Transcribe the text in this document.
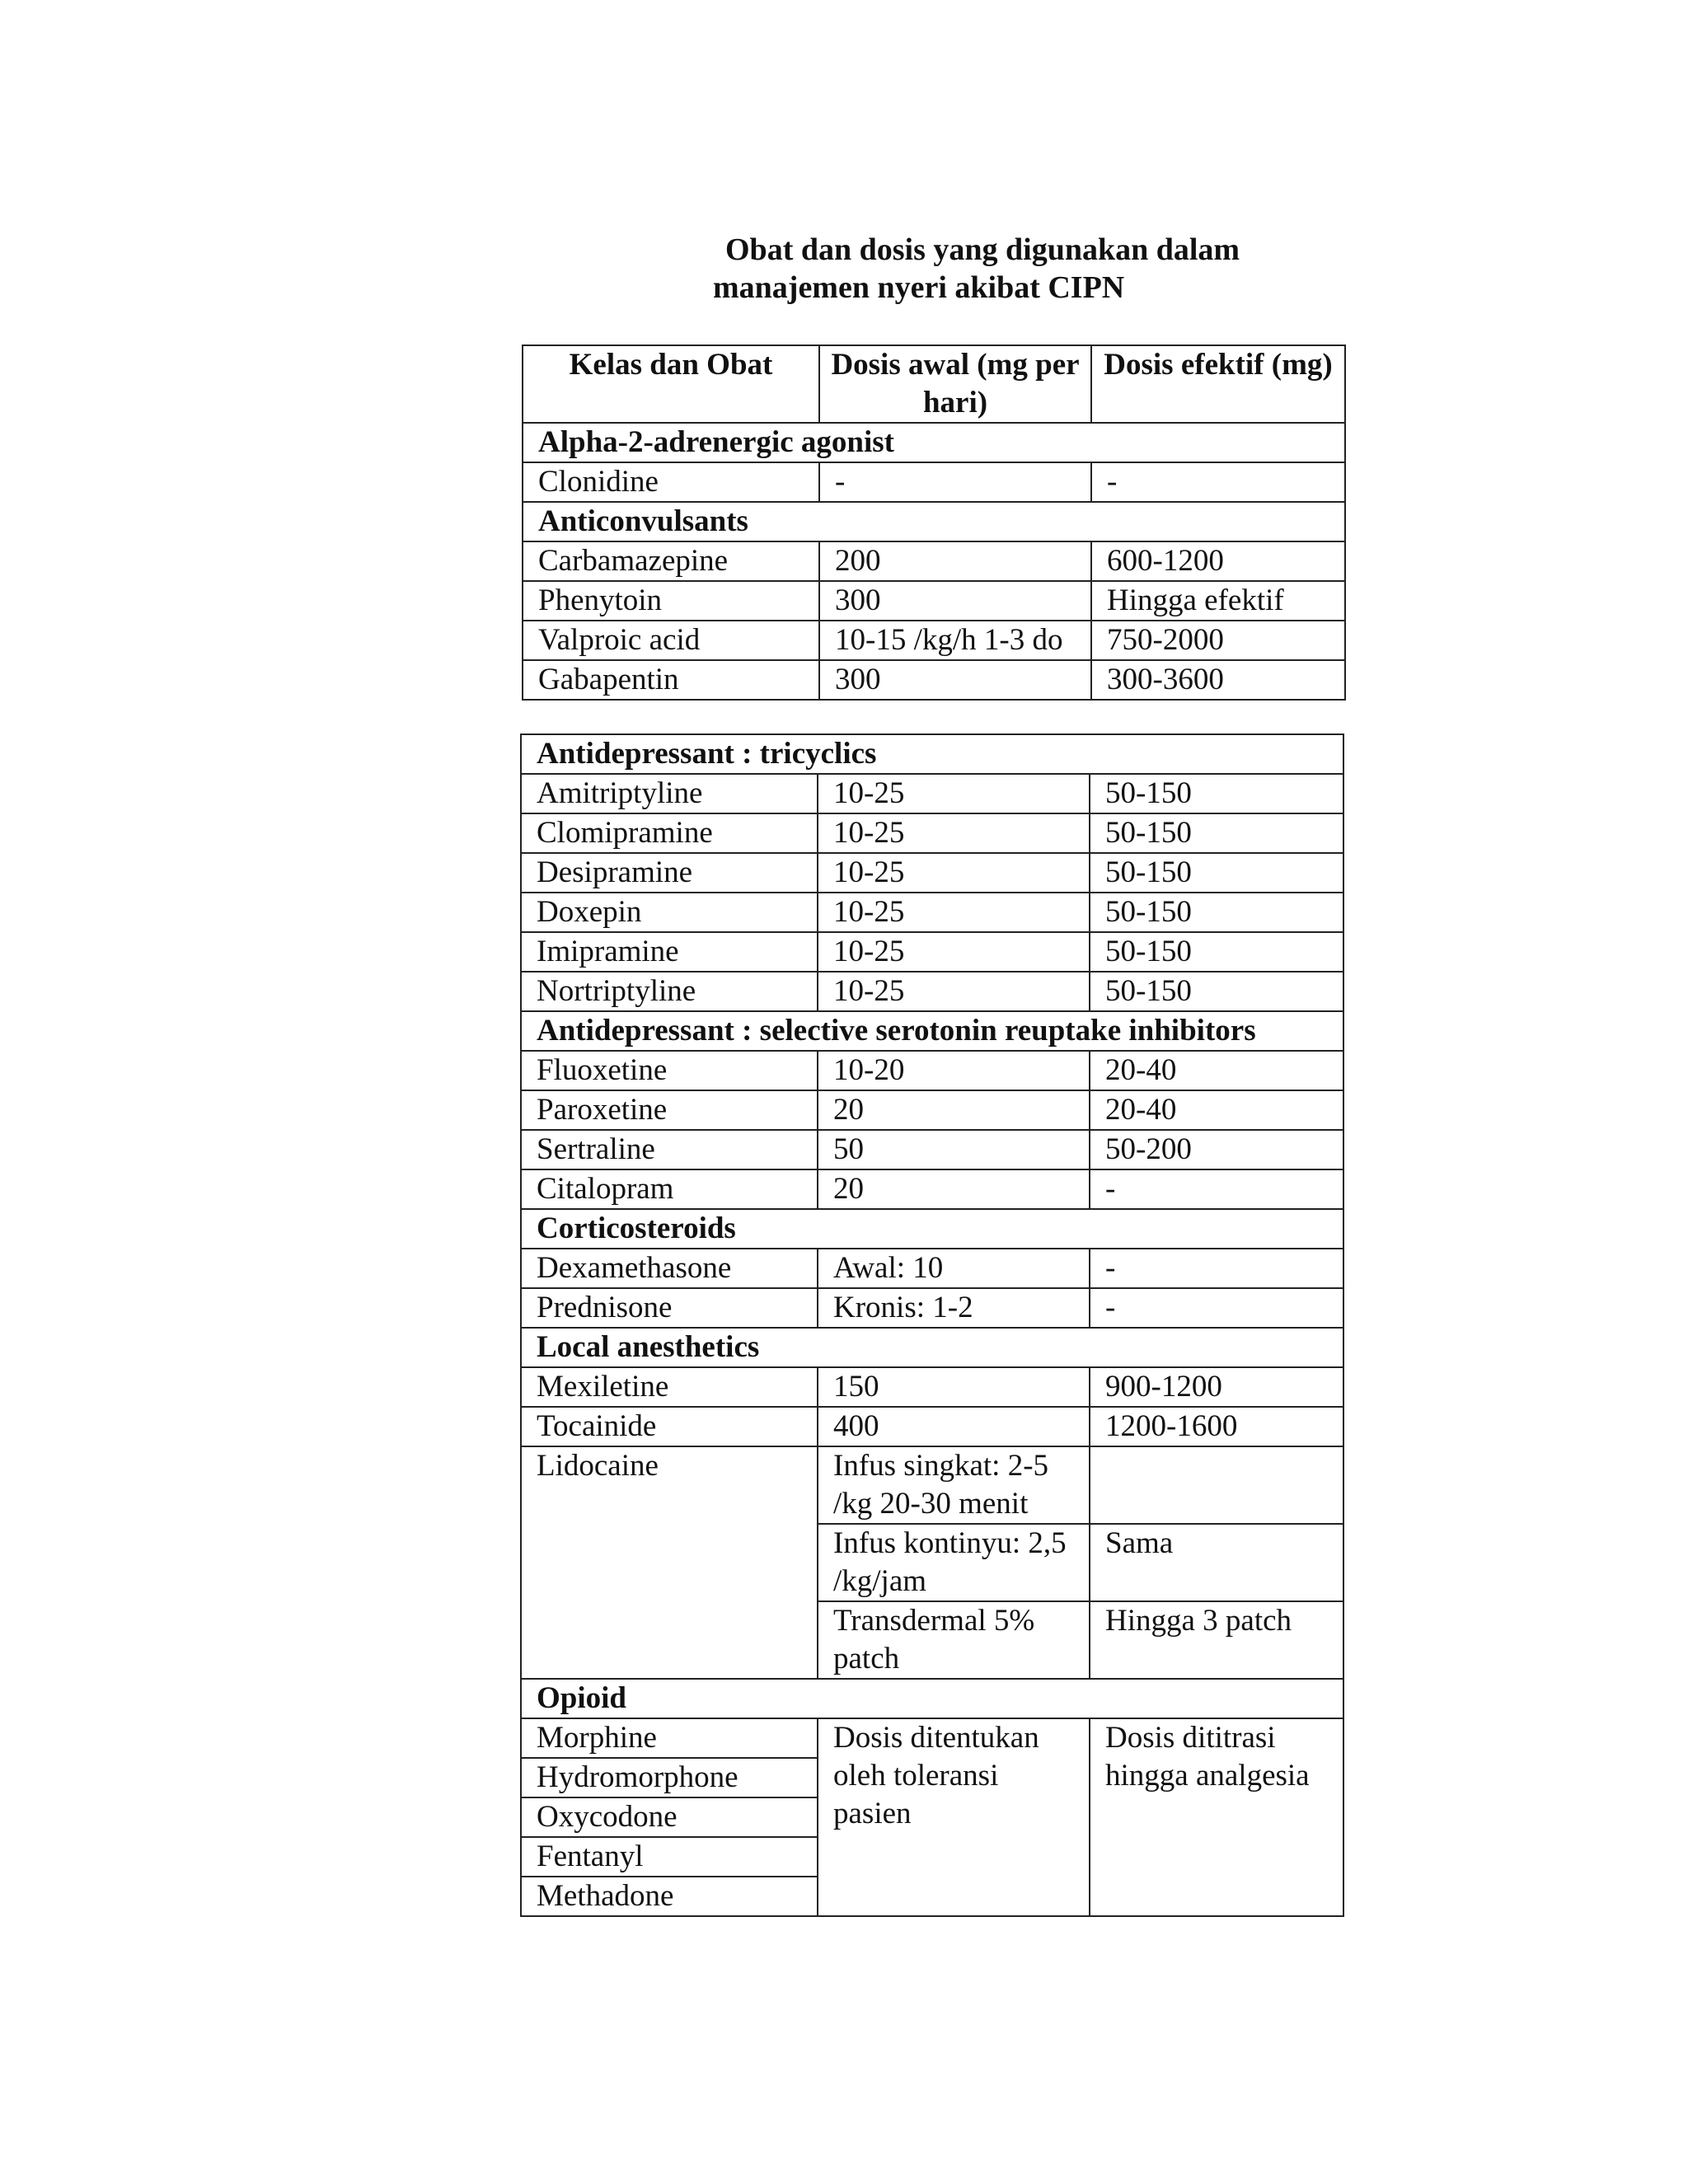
Obat dan dosis yang digunakan dalam
manajemen nyeri akibat CIPN
Kelas dan Obat	Dosis awal (mg per hari)	Dosis efektif (mg)
Alpha-2-adrenergic agonist		
Clonidine	-	-
Anticonvulsants		
Carbamazepine	200	600-1200
Phenytoin	300	Hingga efektif
Valproic acid	10-15 /kg/h 1-3 do	750-2000
Gabapentin	300	300-3600
Antidepressant : tricyclics		
Amitriptyline	10-25	50-150
Clomipramine	10-25	50-150
Desipramine	10-25	50-150
Doxepin	10-25	50-150
Imipramine	10-25	50-150
Nortriptyline	10-25	50-150
Antidepressant : selective serotonin reuptake inhibitors		
Fluoxetine	10-20	20-40
Paroxetine	20	20-40
Sertraline	50	50-200
Citalopram	20	-
Corticosteroids		
Dexamethasone	Awal: 10	-
Prednisone	Kronis: 1-2	-
Local anesthetics		
Mexiletine	150	900-1200
Tocainide	400	1200-1600
Lidocaine	Infus singkat: 2-5 /kg 20-30 menit	
	Infus kontinyu: 2,5 /kg/jam	Sama
	Transdermal 5% patch	Hingga 3 patch
Opioid		
Morphine	Dosis ditentukan oleh toleransi pasien	Dosis dititrasi hingga analgesia
Hydromorphone		
Oxycodone		
Fentanyl		
Methadone		
